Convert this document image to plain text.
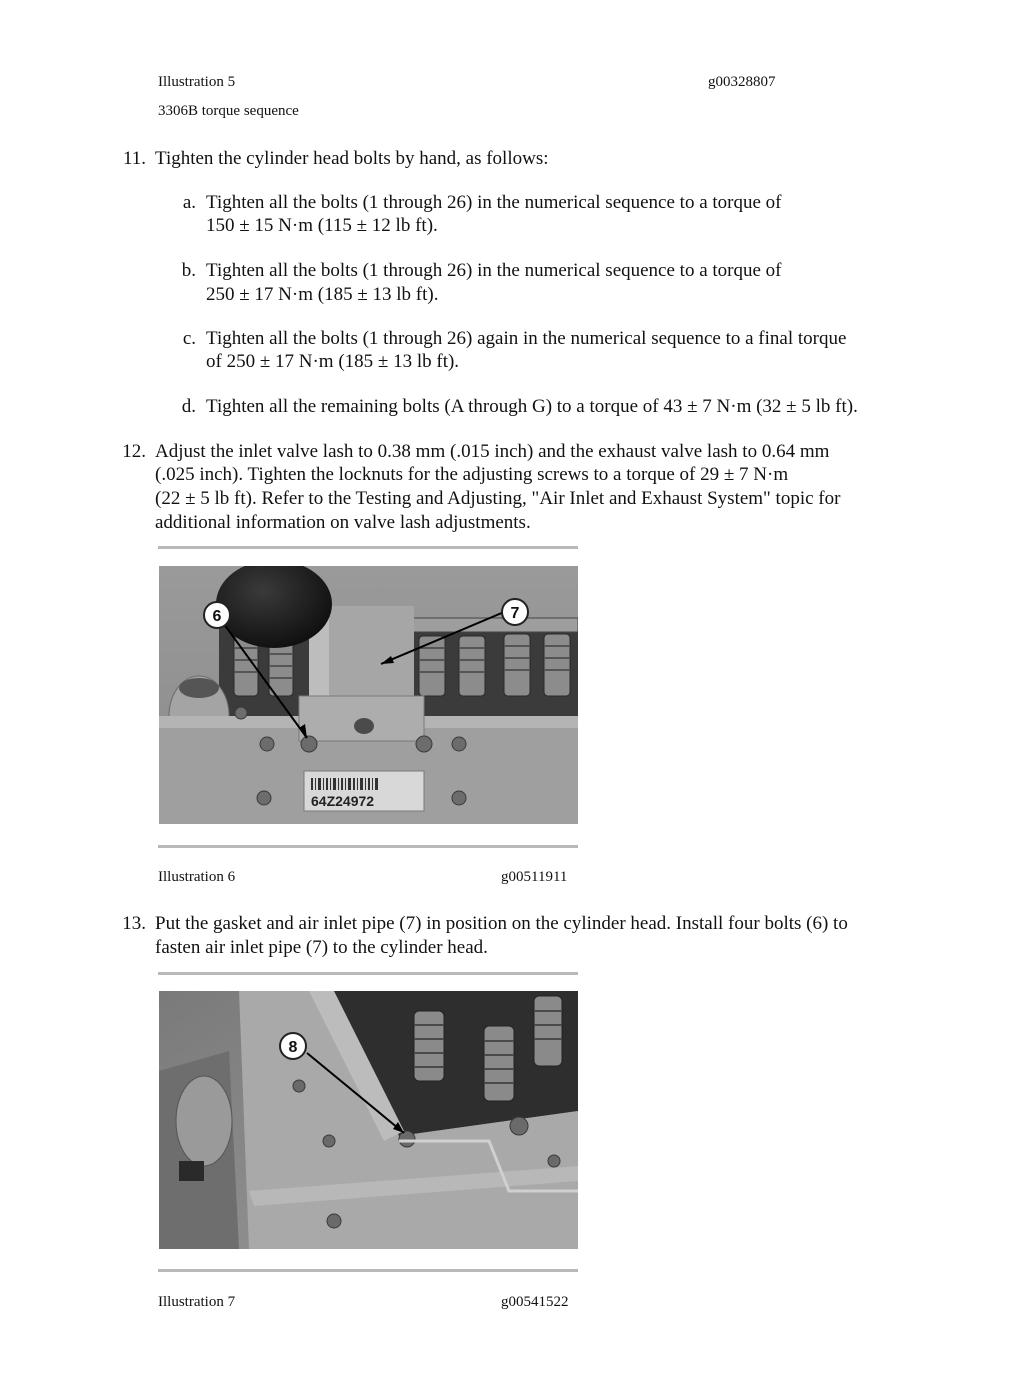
Illustration 5	g00328807
3306B torque sequence
11. Tighten the cylinder head bolts by hand, as follows:
a. Tighten all the bolts (1 through 26) in the numerical sequence to a torque of
150 ± 15 N·m (115 ± 12 lb ft).
b. Tighten all the bolts (1 through 26) in the numerical sequence to a torque of
250 ± 17 N·m (185 ± 13 lb ft).
c. Tighten all the bolts (1 through 26) again in the numerical sequence to a final torque
of 250 ± 17 N·m (185 ± 13 lb ft).
d. Tighten all the remaining bolts (A through G) to a torque of 43 ± 7 N·m (32 ± 5 lb ft).
12. Adjust the inlet valve lash to 0.38 mm (.015 inch) and the exhaust valve lash to 0.64 mm
(.025 inch). Tighten the locknuts for the adjusting screws to a torque of 29 ± 7 N·m
(22 ± 5 lb ft). Refer to the Testing and Adjusting, "Air Inlet and Exhaust System" topic for
additional information on valve lash adjustments.
64Z24972
6	7
Illustration 6	g00511911
13. Put the gasket and air inlet pipe (7) in position on the cylinder head. Install four bolts (6) to
fasten air inlet pipe (7) to the cylinder head.
8
Illustration 7	g00541522
